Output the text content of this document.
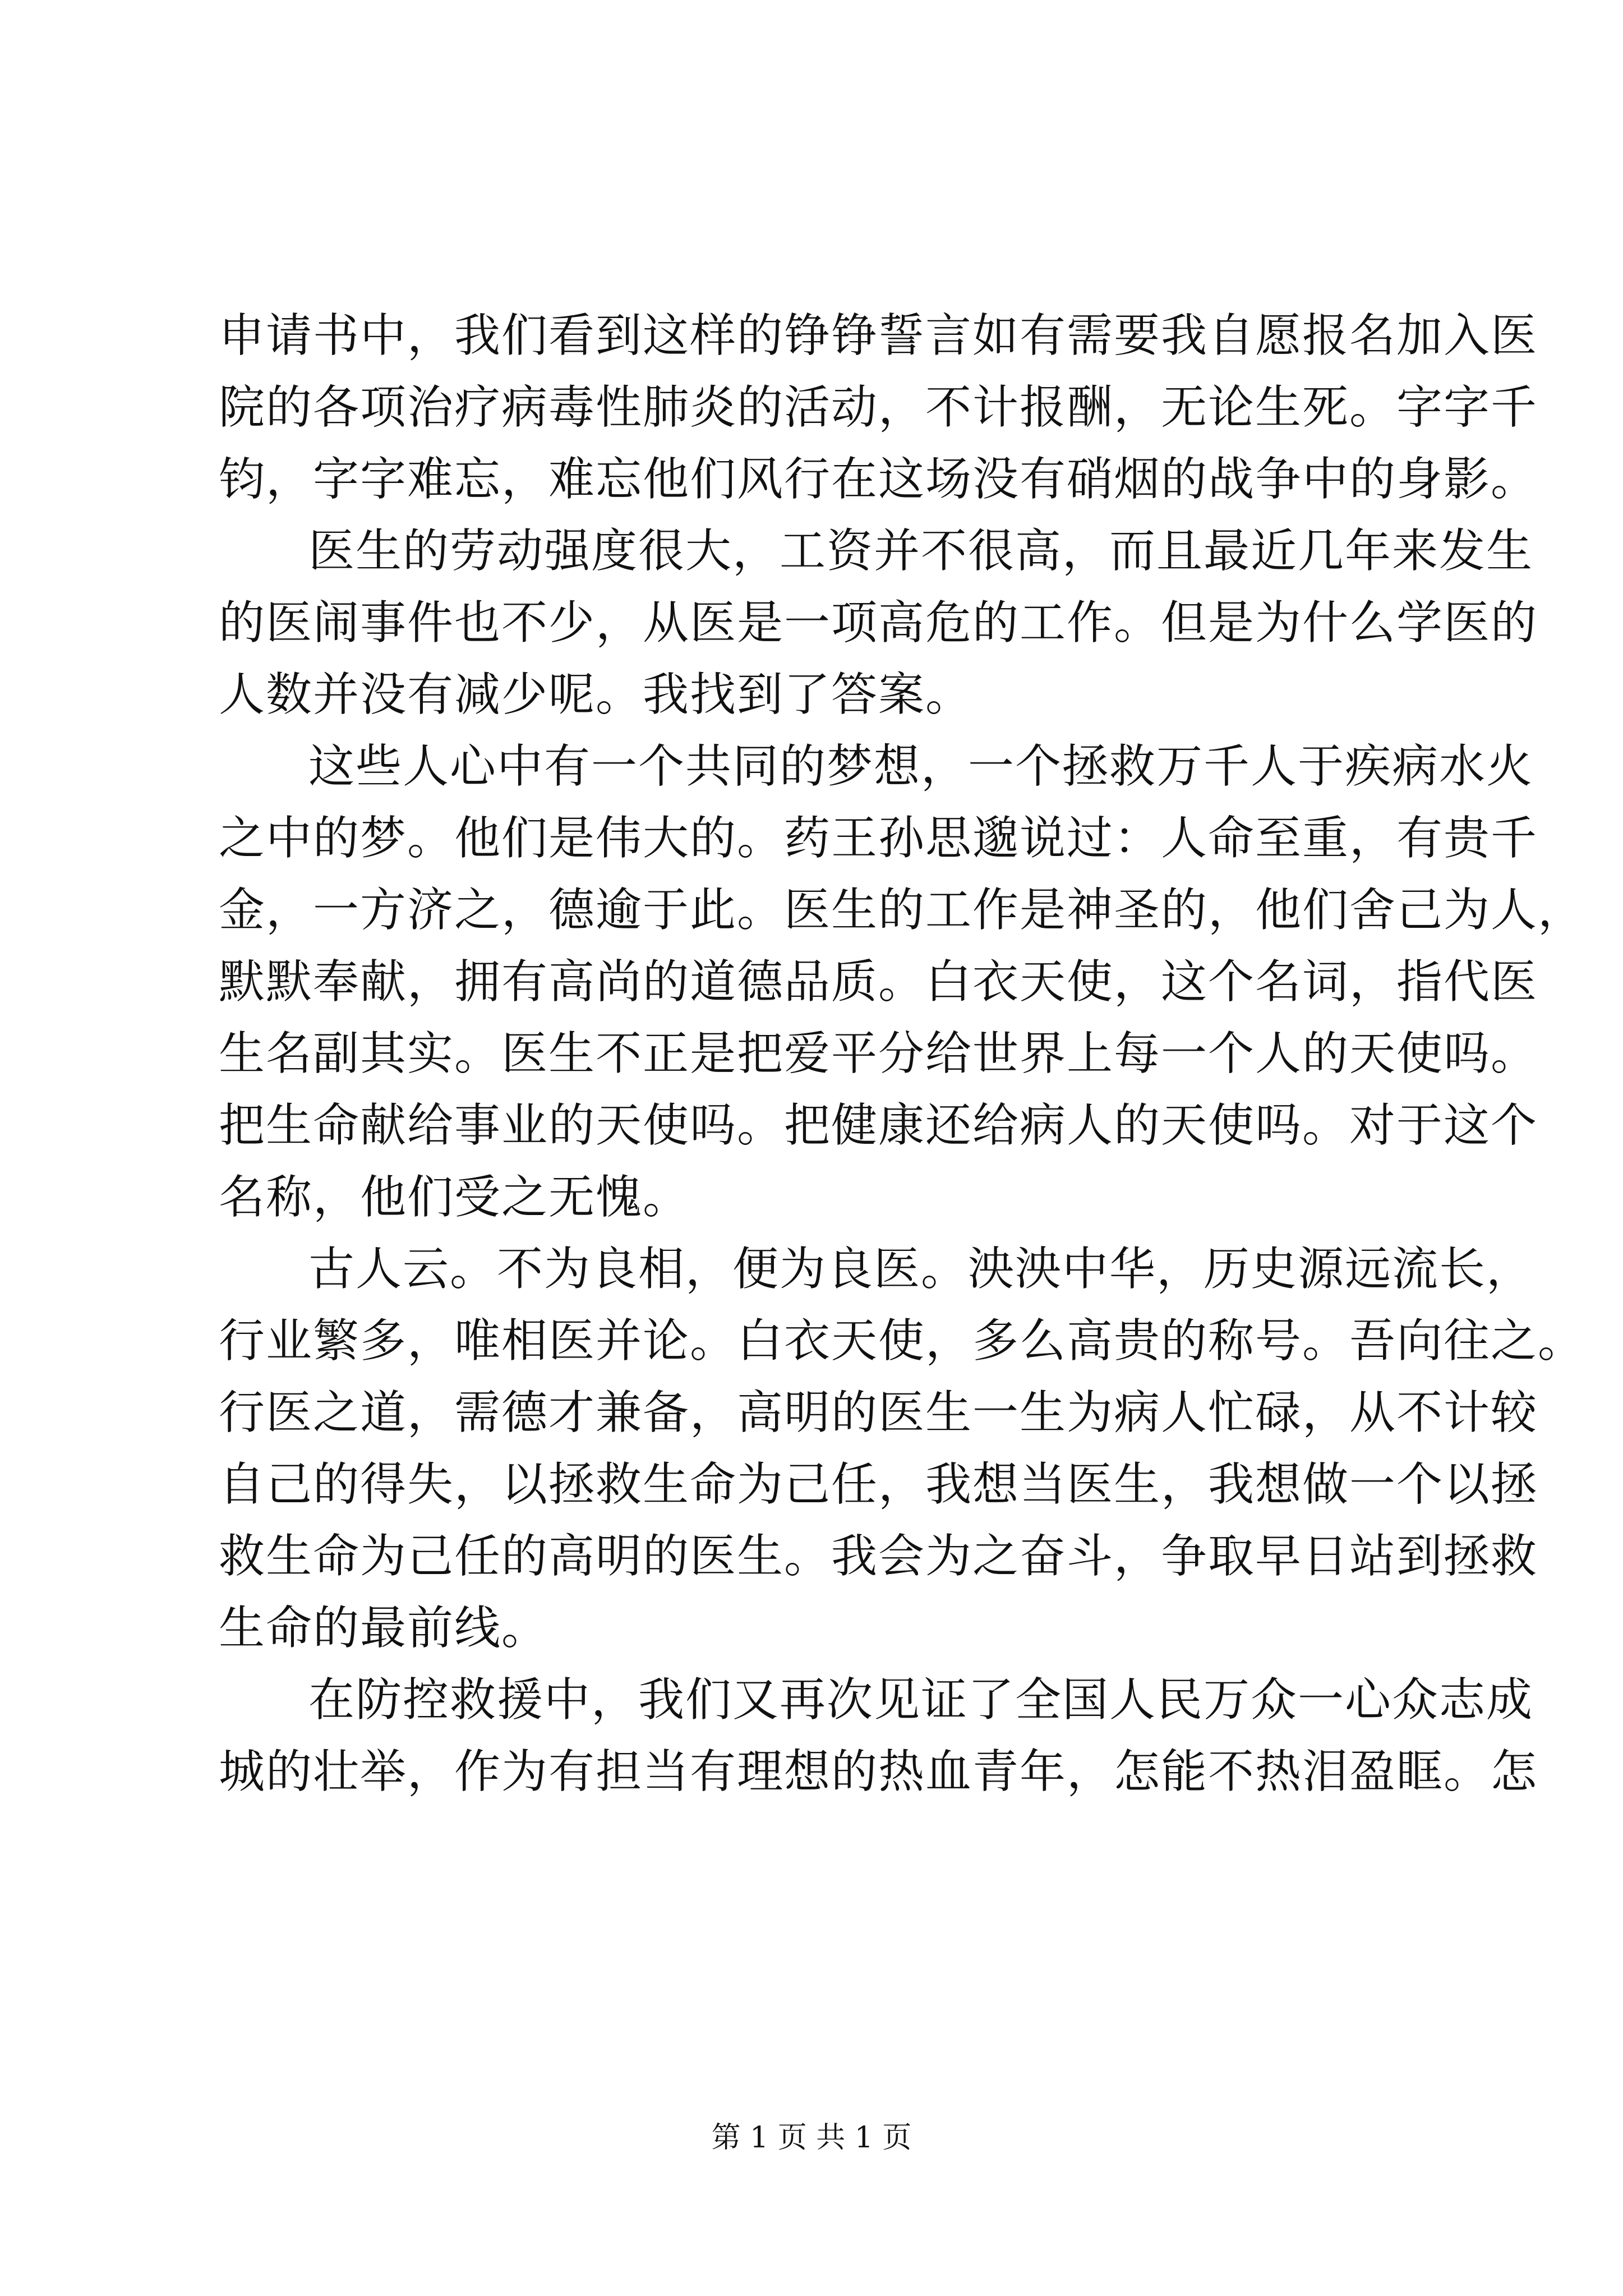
申请书中，我们看到这样的铮铮誓言如有需要我自愿报名加入医
院的各项治疗病毒性肺炎的活动，不计报酬，无论生死。字字千
钧，字字难忘，难忘他们风行在这场没有硝烟的战争中的身影。
医生的劳动强度很大，工资并不很高，而且最近几年来发生
的医闹事件也不少，从医是一项高危的工作。但是为什么学医的
人数并没有减少呢。我找到了答案。
这些人心中有一个共同的梦想，一个拯救万千人于疾病水火
之中的梦。他们是伟大的。药王孙思邈说过：人命至重，有贵千
金，一方济之，德逾于此。医生的工作是神圣的，他们舍己为人，
默默奉献，拥有高尚的道德品质。白衣天使，这个名词，指代医
生名副其实。医生不正是把爱平分给世界上每一个人的天使吗。
把生命献给事业的天使吗。把健康还给病人的天使吗。对于这个
名称，他们受之无愧。
古人云。不为良相，便为良医。泱泱中华，历史源远流长，
行业繁多，唯相医并论。白衣天使，多么高贵的称号。吾向往之。
行医之道，需德才兼备，高明的医生一生为病人忙碌，从不计较
自己的得失，以拯救生命为己任，我想当医生，我想做一个以拯
救生命为己任的高明的医生。我会为之奋斗，争取早日站到拯救
生命的最前线。
在防控救援中，我们又再次见证了全国人民万众一心众志成
城的壮举，作为有担当有理想的热血青年，怎能不热泪盈眶。怎
第 1 页 共 1 页
